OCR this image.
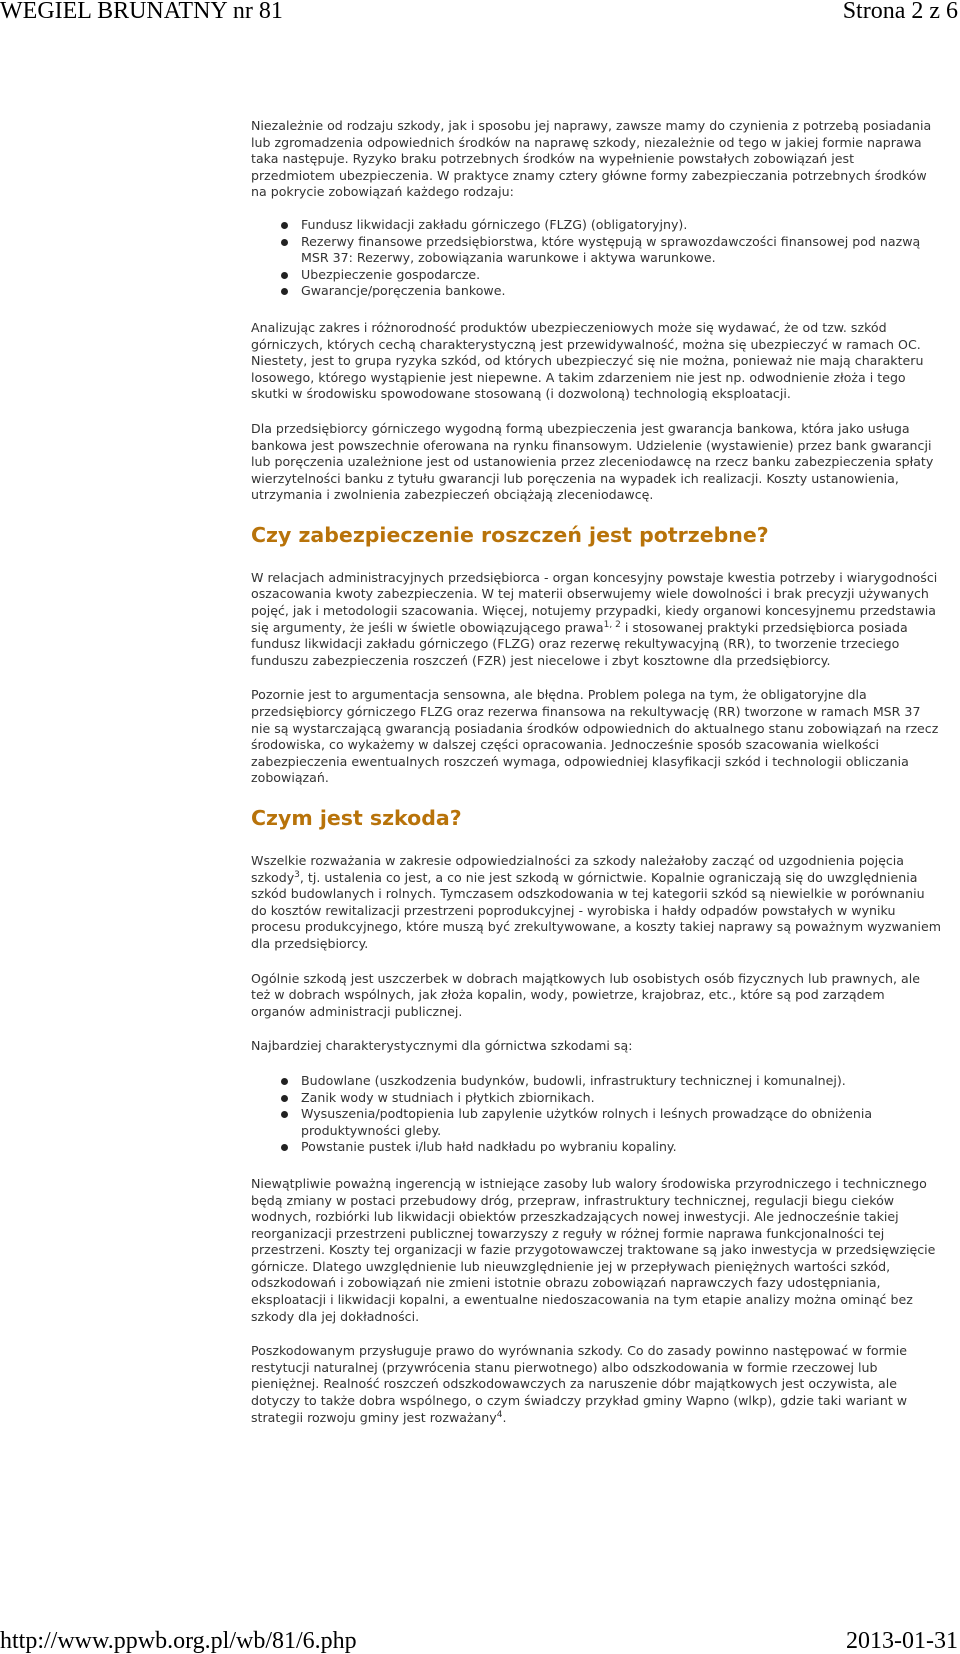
WEGIEL BRUNATNY nr 81	Strona 2 z 6

Niezależnie od rodzaju szkody, jak i sposobu jej naprawy, zawsze mamy do czynienia z potrzebą posiadania lub zgromadzenia odpowiednich środków na naprawę szkody, niezależnie od tego w jakiej formie naprawa taka następuje. Ryzyko braku potrzebnych środków na wypełnienie powstałych zobowiązań jest przedmiotem ubezpieczenia. W praktyce znamy cztery główne formy zabezpieczania potrzebnych środków na pokrycie zobowiązań każdego rodzaju:

Fundusz likwidacji zakładu górniczego (FLZG) (obligatoryjny).
Rezerwy finansowe przedsiębiorstwa, które występują w sprawozdawczości finansowej pod nazwą MSR 37: Rezerwy, zobowiązania warunkowe i aktywa warunkowe.
Ubezpieczenie gospodarcze.
Gwarancje/poręczenia bankowe.

Analizując zakres i różnorodność produktów ubezpieczeniowych może się wydawać, że od tzw. szkód górniczych, których cechą charakterystyczną jest przewidywalność, można się ubezpieczyć w ramach OC. Niestety, jest to grupa ryzyka szkód, od których ubezpieczyć się nie można, ponieważ nie mają charakteru losowego, którego wystąpienie jest niepewne. A takim zdarzeniem nie jest np. odwodnienie złoża i tego skutki w środowisku spowodowane stosowaną (i dozwoloną) technologią eksploatacji.

Dla przedsiębiorcy górniczego wygodną formą ubezpieczenia jest gwarancja bankowa, która jako usługa bankowa jest powszechnie oferowana na rynku finansowym. Udzielenie (wystawienie) przez bank gwarancji lub poręczenia uzależnione jest od ustanowienia przez zleceniodawcę na rzecz banku zabezpieczenia spłaty wierzytelności banku z tytułu gwarancji lub poręczenia na wypadek ich realizacji. Koszty ustanowienia, utrzymania i zwolnienia zabezpieczeń obciążają zleceniodawcę.

Czy zabezpieczenie roszczeń jest potrzebne?

W relacjach administracyjnych przedsiębiorca - organ koncesyjny powstaje kwestia potrzeby i wiarygodności oszacowania kwoty zabezpieczenia. W tej materii obserwujemy wiele dowolności i brak precyzji używanych pojęć, jak i metodologii szacowania. Więcej, notujemy przypadki, kiedy organowi koncesyjnemu przedstawia się argumenty, że jeśli w świetle obowiązującego prawa$^{1, 2}$ i stosowanej praktyki przedsiębiorca posiada fundusz likwidacji zakładu górniczego (FLZG) oraz rezerwę rekultywacyjną (RR), to tworzenie trzeciego funduszu zabezpieczenia roszczeń (FZR) jest niecelowe i zbyt kosztowne dla przedsiębiorcy.

Pozornie jest to argumentacja sensowna, ale błędna. Problem polega na tym, że obligatoryjne dla przedsiębiorcy górniczego FLZG oraz rezerwa finansowa na rekultywację (RR) tworzone w ramach MSR 37 nie są wystarczającą gwarancją posiadania środków odpowiednich do aktualnego stanu zobowiązań na rzecz środowiska, co wykażemy w dalszej części opracowania. Jednocześnie sposób szacowania wielkości zabezpieczenia ewentualnych roszczeń wymaga, odpowiedniej klasyfikacji szkód i technologii obliczania zobowiązań.

Czym jest szkoda?

Wszelkie rozważania w zakresie odpowiedzialności za szkody należałoby zacząć od uzgodnienia pojęcia szkody$^3$, tj. ustalenia co jest, a co nie jest szkodą w górnictwie. Kopalnie ograniczają się do uwzględnienia szkód budowlanych i rolnych. Tymczasem odszkodowania w tej kategorii szkód są niewielkie w porównaniu do kosztów rewitalizacji przestrzeni poprodukcyjnej - wyrobiska i hałdy odpadów powstałych w wyniku procesu produkcyjnego, które muszą być zrekultywowane, a koszty takiej naprawy są poważnym wyzwaniem dla przedsiębiorcy.

Ogólnie szkodą jest uszczerbek w dobrach majątkowych lub osobistych osób fizycznych lub prawnych, ale też w dobrach wspólnych, jak złoża kopalin, wody, powietrze, krajobraz, etc., które są pod zarządem organów administracji publicznej.

Najbardziej charakterystycznymi dla górnictwa szkodami są:

Budowlane (uszkodzenia budynków, budowli, infrastruktury technicznej i komunalnej).
Zanik wody w studniach i płytkich zbiornikach.
Wysuszenia/podtopienia lub zapylenie użytków rolnych i leśnych prowadzące do obniżenia produktywności gleby.
Powstanie pustek i/lub hałd nadkładu po wybraniu kopaliny.

Niewątpliwie poważną ingerencją w istniejące zasoby lub walory środowiska przyrodniczego i technicznego będą zmiany w postaci przebudowy dróg, przepraw, infrastruktury technicznej, regulacji biegu cieków wodnych, rozbiórki lub likwidacji obiektów przeszkadzających nowej inwestycji. Ale jednocześnie takiej reorganizacji przestrzeni publicznej towarzyszy z reguły w różnej formie naprawa funkcjonalności tej przestrzeni. Koszty tej organizacji w fazie przygotowawczej traktowane są jako inwestycja w przedsięwzięcie górnicze. Dlatego uwzględnienie lub nieuwzględnienie jej w przepływach pieniężnych wartości szkód, odszkodowań i zobowiązań nie zmieni istotnie obrazu zobowiązań naprawczych fazy udostępniania, eksploatacji i likwidacji kopalni, a ewentualne niedoszacowania na tym etapie analizy można ominąć bez szkody dla jej dokładności.

Poszkodowanym przysługuje prawo do wyrównania szkody. Co do zasady powinno następować w formie restytucji naturalnej (przywrócenia stanu pierwotnego) albo odszkodowania w formie rzeczowej lub pieniężnej. Realność roszczeń odszkodowawczych za naruszenie dóbr majątkowych jest oczywista, ale dotyczy to także dobra wspólnego, o czym świadczy przykład gminy Wapno (wlkp), gdzie taki wariant w strategii rozwoju gminy jest rozważany$^4$.

http://www.ppwb.org.pl/wb/81/6.php	2013-01-31
